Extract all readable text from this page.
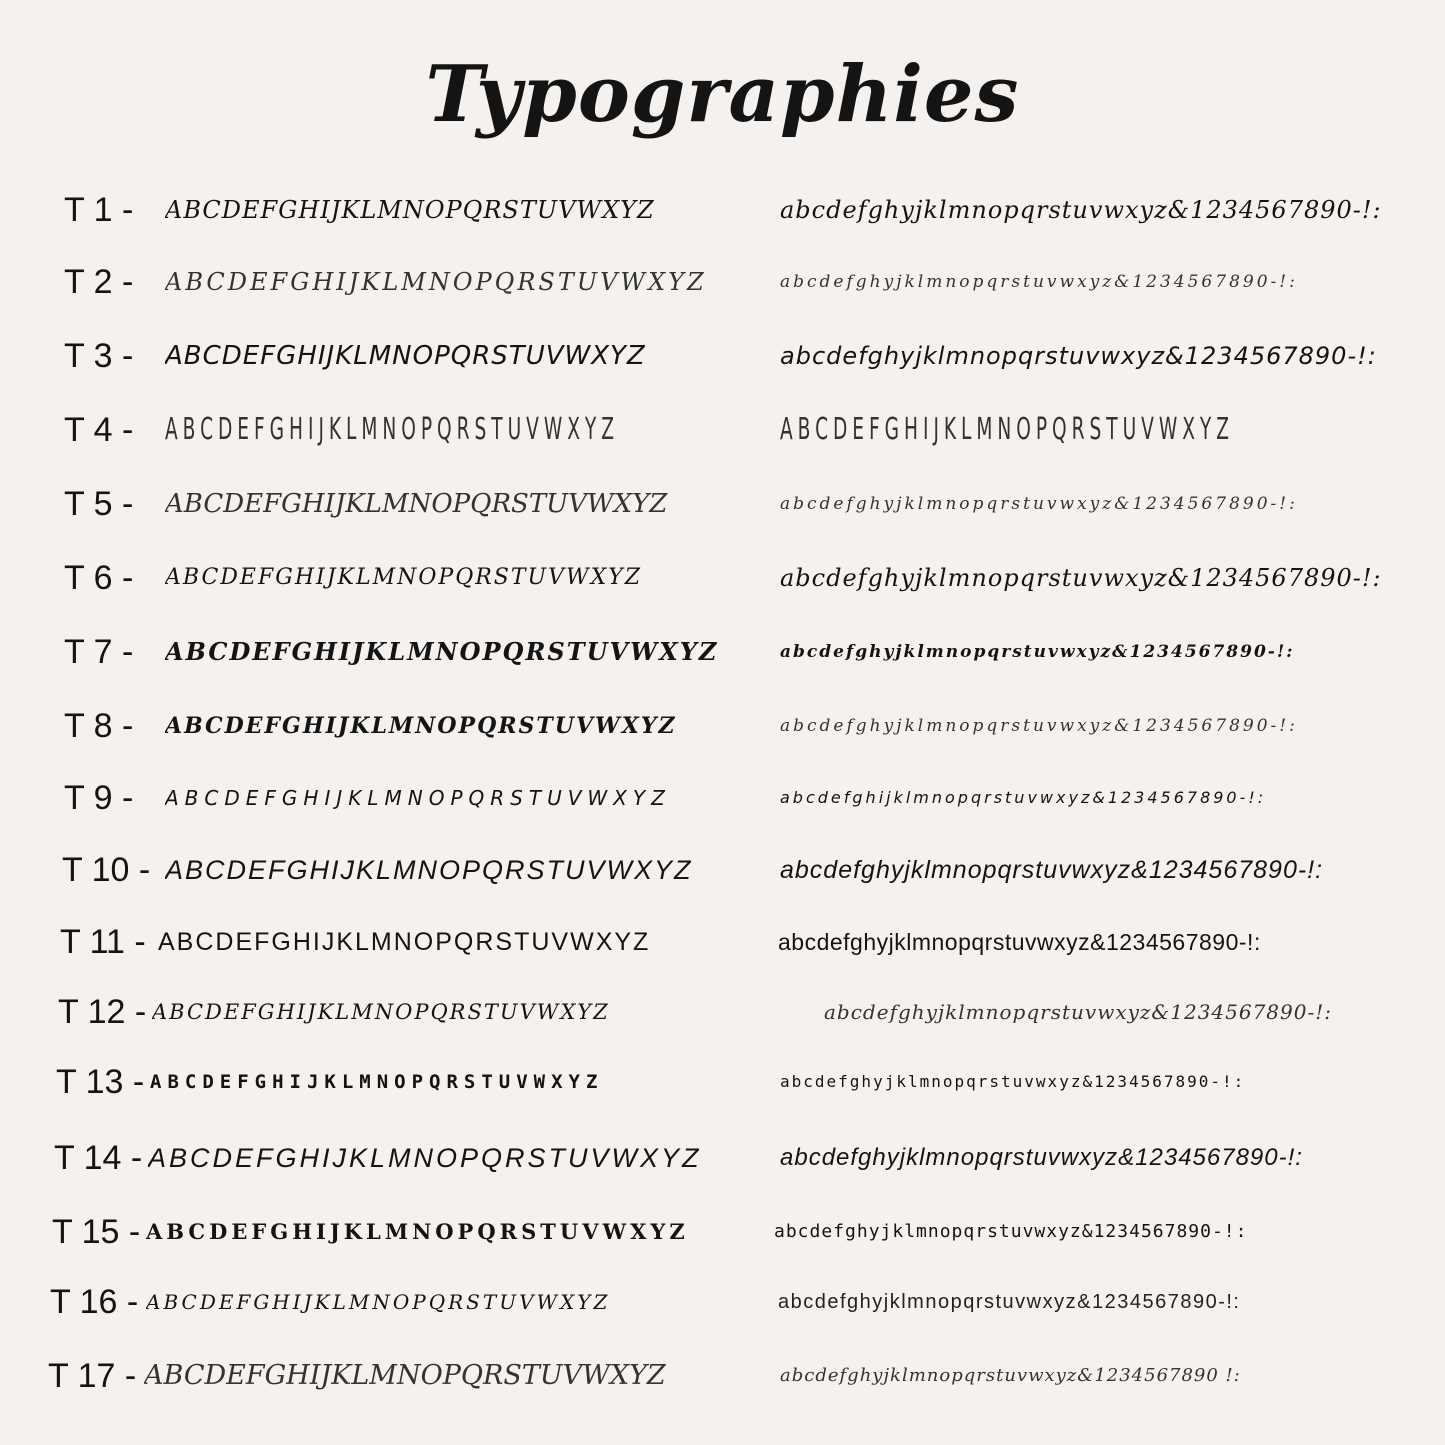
Typographies
T 1 - ABCDEFGHIJKLMNOPQRSTUVWXYZ	abcdefghyjklmnopqrstuvwxyz&1234567890-!:
T 2 - ABCDEFGHIJKLMNOPQRSTUVWXYZ	abcdefghyjklmnopqrstuvwxyz&1234567890-!:
T 3 - ABCDEFGHIJKLMNOPQRSTUVWXYZ	abcdefghyjklmnopqrstuvwxyz&1234567890-!:
T 4 - ABCDEFGHIJKLMNOPQRSTUVWXYZ	ABCDEFGHIJKLMNOPQRSTUVWXYZ
T 5 - ABCDEFGHIJKLMNOPQRSTUVWXYZ	abcdefghyjklmnopqrstuvwxyz&1234567890-!:
T 6 - ABCDEFGHIJKLMNOPQRSTUVWXYZ	abcdefghyjklmnopqrstuvwxyz&1234567890-!:
T 7 - ABCDEFGHIJKLMNOPQRSTUVWXYZ	abcdefghyjklmnopqrstuvwxyz&1234567890-!:
T 8 - ABCDEFGHIJKLMNOPQRSTUVWXYZ	abcdefghyjklmnopqrstuvwxyz&1234567890-!:
T 9 - ABCDEFGHIJKLMNOPQRSTUVWXYZ	abcdefghijklmnopqrstuvwxyz&1234567890-!:
T 10 - ABCDEFGHIJKLMNOPQRSTUVWXYZ	abcdefghyjklmnopqrstuvwxyz&1234567890-!:
T 11 - ABCDEFGHIJKLMNOPQRSTUVWXYZ	abcdefghyjklmnopqrstuvwxyz&1234567890-!:
T 12 - ABCDEFGHIJKLMNOPQRSTUVWXYZ	abcdefghyjklmnopqrstuvwxyz&1234567890-!:
T 13 - ABCDEFGHIJKLMNOPQRSTUVWXYZ	abcdefghyjklmnopqrstuvwxyz&1234567890-!:
T 14 - ABCDEFGHIJKLMNOPQRSTUVWXYZ	abcdefghyjklmnopqrstuvwxyz&1234567890-!:
T 15 - ABCDEFGHIJKLMNOPQRSTUVWXYZ	abcdefghyjklmnopqrstuvwxyz&1234567890-!:
T 16 - ABCDEFGHIJKLMNOPQRSTUVWXYZ	abcdefghyjklmnopqrstuvwxyz&1234567890-!:
T 17 - ABCDEFGHIJKLMNOPQRSTUVWXYZ	abcdefghyjklmnopqrstuvwxyz&1234567890 !:
